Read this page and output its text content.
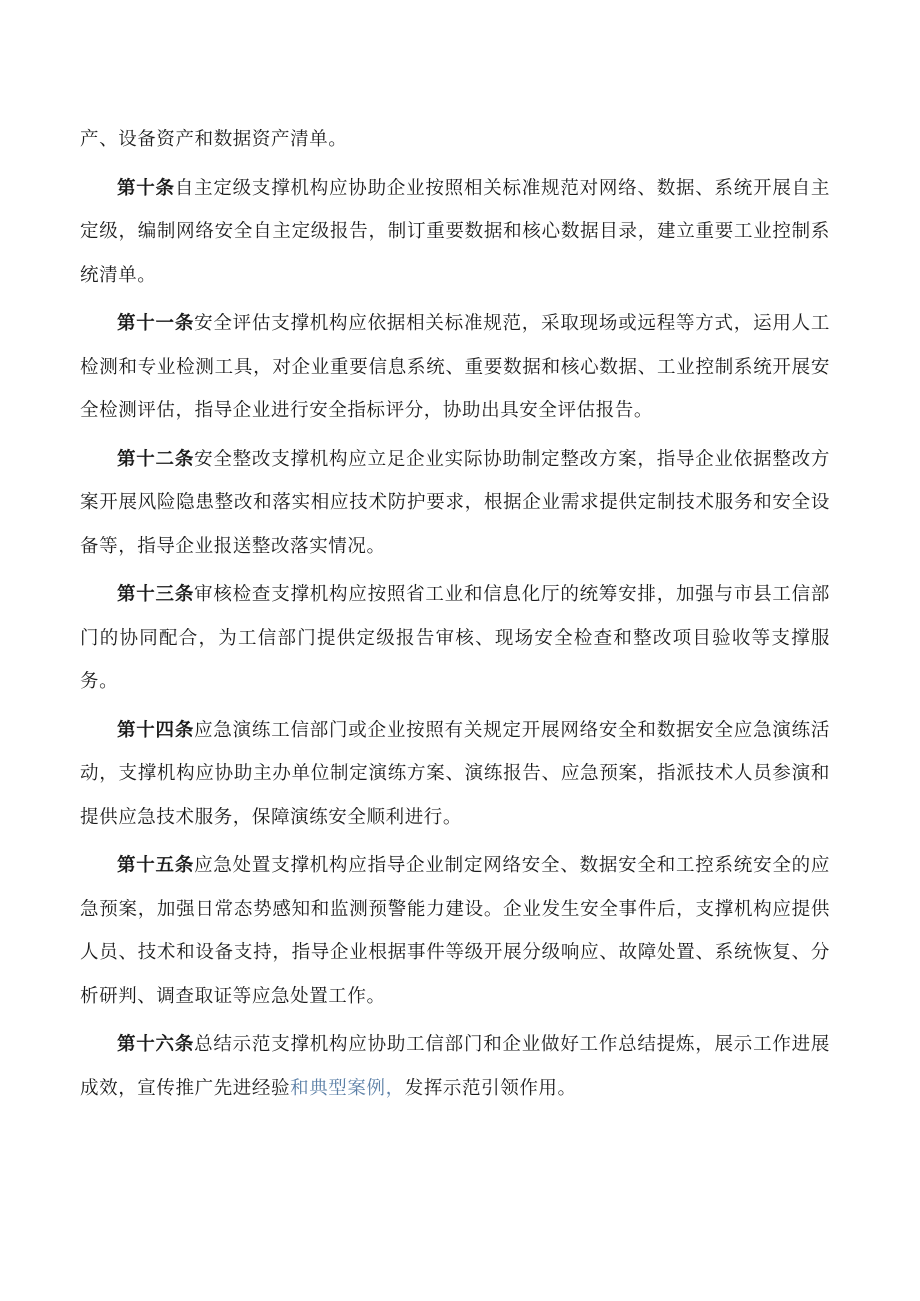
产、设备资产和数据资产清单。

第十条自主定级支撑机构应协助企业按照相关标准规范对网络、数据、系统开展自主定级，编制网络安全自主定级报告，制订重要数据和核心数据目录，建立重要工业控制系统清单。

第十一条安全评估支撑机构应依据相关标准规范，采取现场或远程等方式，运用人工检测和专业检测工具，对企业重要信息系统、重要数据和核心数据、工业控制系统开展安全检测评估，指导企业进行安全指标评分，协助出具安全评估报告。

第十二条安全整改支撑机构应立足企业实际协助制定整改方案，指导企业依据整改方案开展风险隐患整改和落实相应技术防护要求，根据企业需求提供定制技术服务和安全设备等，指导企业报送整改落实情况。

第十三条审核检查支撑机构应按照省工业和信息化厅的统筹安排，加强与市县工信部门的协同配合，为工信部门提供定级报告审核、现场安全检查和整改项目验收等支撑服务。

第十四条应急演练工信部门或企业按照有关规定开展网络安全和数据安全应急演练活动，支撑机构应协助主办单位制定演练方案、演练报告、应急预案，指派技术人员参演和提供应急技术服务，保障演练安全顺利进行。

第十五条应急处置支撑机构应指导企业制定网络安全、数据安全和工控系统安全的应急预案，加强日常态势感知和监测预警能力建设。企业发生安全事件后，支撑机构应提供人员、技术和设备支持，指导企业根据事件等级开展分级响应、故障处置、系统恢复、分析研判、调查取证等应急处置工作。

第十六条总结示范支撑机构应协助工信部门和企业做好工作总结提炼，展示工作进展成效，宣传推广先进经验和典型案例，发挥示范引领作用。
